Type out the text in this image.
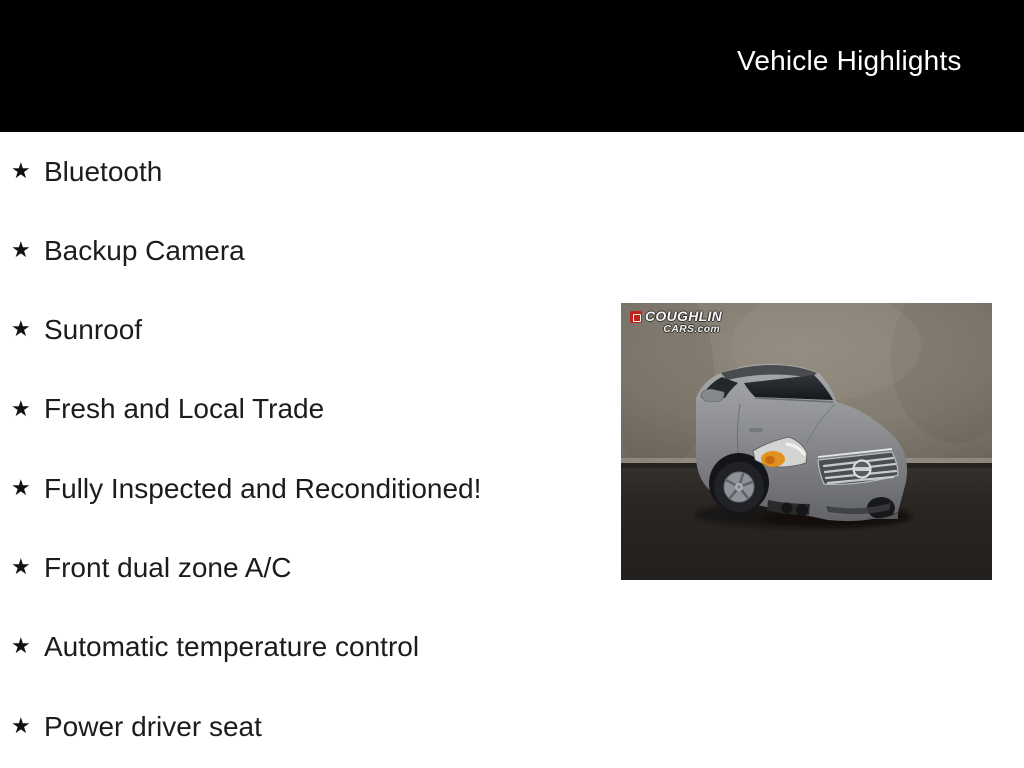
Vehicle Highlights
★ Bluetooth
★ Backup Camera
★ Sunroof
★ Fresh and Local Trade
★ Fully Inspected and Reconditioned!
★ Front dual zone A/C
★ Automatic temperature control
★ Power driver seat
COUGHLIN
CARS.com
